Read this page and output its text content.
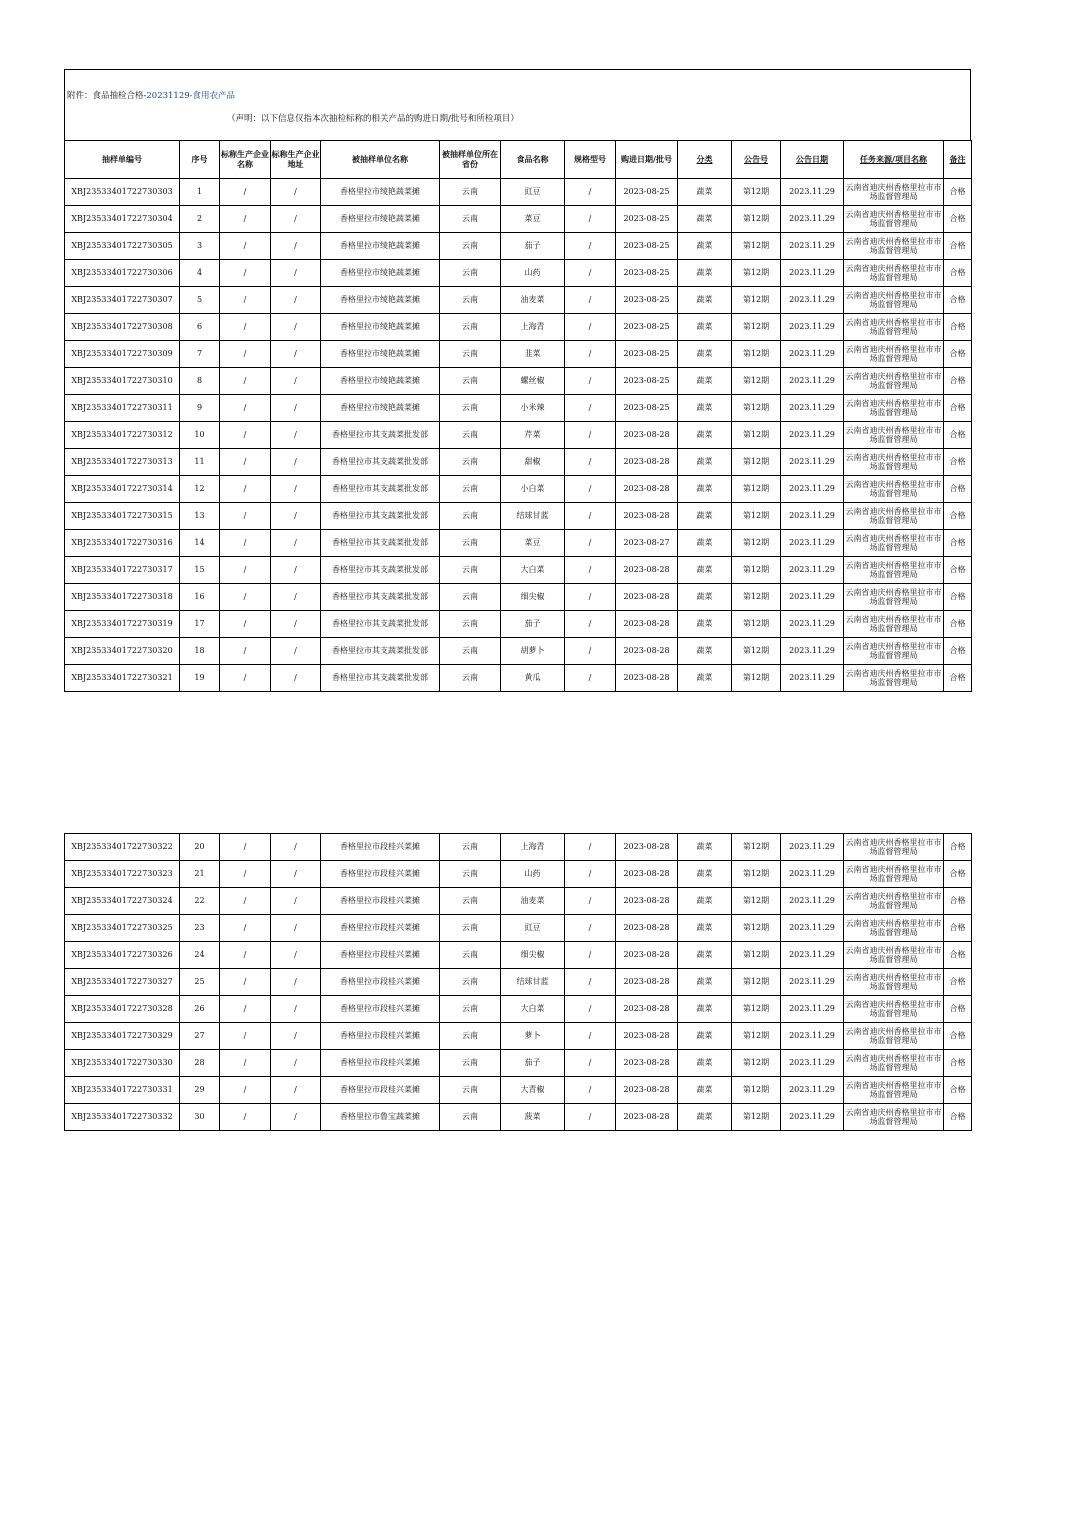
附件：食品抽检合格-20231129-食用农产品
（声明：以下信息仅指本次抽检标称的相关产品的购进日期/批号和所检项目）
抽样单编号	序号	标称生产企业名称	标称生产企业地址	被抽样单位名称	被抽样单位所在省份	食品名称	规格型号	购进日期/批号	分类	公告号	公告日期	任务来源/项目名称	备注
XBJ23533401722730303	1	/	/	香格里拉市绫艳蔬菜摊	云南	豇豆	/	2023-08-25	蔬菜	第12期	2023.11.29	云南省迪庆州香格里拉市市场监督管理局	合格
XBJ23533401722730304	2	/	/	香格里拉市绫艳蔬菜摊	云南	菜豆	/	2023-08-25	蔬菜	第12期	2023.11.29	云南省迪庆州香格里拉市市场监督管理局	合格
XBJ23533401722730305	3	/	/	香格里拉市绫艳蔬菜摊	云南	茄子	/	2023-08-25	蔬菜	第12期	2023.11.29	云南省迪庆州香格里拉市市场监督管理局	合格
XBJ23533401722730306	4	/	/	香格里拉市绫艳蔬菜摊	云南	山药	/	2023-08-25	蔬菜	第12期	2023.11.29	云南省迪庆州香格里拉市市场监督管理局	合格
XBJ23533401722730307	5	/	/	香格里拉市绫艳蔬菜摊	云南	油麦菜	/	2023-08-25	蔬菜	第12期	2023.11.29	云南省迪庆州香格里拉市市场监督管理局	合格
XBJ23533401722730308	6	/	/	香格里拉市绫艳蔬菜摊	云南	上海青	/	2023-08-25	蔬菜	第12期	2023.11.29	云南省迪庆州香格里拉市市场监督管理局	合格
XBJ23533401722730309	7	/	/	香格里拉市绫艳蔬菜摊	云南	韭菜	/	2023-08-25	蔬菜	第12期	2023.11.29	云南省迪庆州香格里拉市市场监督管理局	合格
XBJ23533401722730310	8	/	/	香格里拉市绫艳蔬菜摊	云南	螺丝椒	/	2023-08-25	蔬菜	第12期	2023.11.29	云南省迪庆州香格里拉市市场监督管理局	合格
XBJ23533401722730311	9	/	/	香格里拉市绫艳蔬菜摊	云南	小米辣	/	2023-08-25	蔬菜	第12期	2023.11.29	云南省迪庆州香格里拉市市场监督管理局	合格
XBJ23533401722730312	10	/	/	香格里拉市其支蔬菜批发部	云南	芹菜	/	2023-08-28	蔬菜	第12期	2023.11.29	云南省迪庆州香格里拉市市场监督管理局	合格
XBJ23533401722730313	11	/	/	香格里拉市其支蔬菜批发部	云南	甜椒	/	2023-08-28	蔬菜	第12期	2023.11.29	云南省迪庆州香格里拉市市场监督管理局	合格
XBJ23533401722730314	12	/	/	香格里拉市其支蔬菜批发部	云南	小白菜	/	2023-08-28	蔬菜	第12期	2023.11.29	云南省迪庆州香格里拉市市场监督管理局	合格
XBJ23533401722730315	13	/	/	香格里拉市其支蔬菜批发部	云南	结球甘蓝	/	2023-08-28	蔬菜	第12期	2023.11.29	云南省迪庆州香格里拉市市场监督管理局	合格
XBJ23533401722730316	14	/	/	香格里拉市其支蔬菜批发部	云南	菜豆	/	2023-08-27	蔬菜	第12期	2023.11.29	云南省迪庆州香格里拉市市场监督管理局	合格
XBJ23533401722730317	15	/	/	香格里拉市其支蔬菜批发部	云南	大白菜	/	2023-08-28	蔬菜	第12期	2023.11.29	云南省迪庆州香格里拉市市场监督管理局	合格
XBJ23533401722730318	16	/	/	香格里拉市其支蔬菜批发部	云南	细尖椒	/	2023-08-28	蔬菜	第12期	2023.11.29	云南省迪庆州香格里拉市市场监督管理局	合格
XBJ23533401722730319	17	/	/	香格里拉市其支蔬菜批发部	云南	茄子	/	2023-08-28	蔬菜	第12期	2023.11.29	云南省迪庆州香格里拉市市场监督管理局	合格
XBJ23533401722730320	18	/	/	香格里拉市其支蔬菜批发部	云南	胡萝卜	/	2023-08-28	蔬菜	第12期	2023.11.29	云南省迪庆州香格里拉市市场监督管理局	合格
XBJ23533401722730321	19	/	/	香格里拉市其支蔬菜批发部	云南	黄瓜	/	2023-08-28	蔬菜	第12期	2023.11.29	云南省迪庆州香格里拉市市场监督管理局	合格
XBJ23533401722730322	20	/	/	香格里拉市段桂兴菜摊	云南	上海青	/	2023-08-28	蔬菜	第12期	2023.11.29	云南省迪庆州香格里拉市市场监督管理局	合格
XBJ23533401722730323	21	/	/	香格里拉市段桂兴菜摊	云南	山药	/	2023-08-28	蔬菜	第12期	2023.11.29	云南省迪庆州香格里拉市市场监督管理局	合格
XBJ23533401722730324	22	/	/	香格里拉市段桂兴菜摊	云南	油麦菜	/	2023-08-28	蔬菜	第12期	2023.11.29	云南省迪庆州香格里拉市市场监督管理局	合格
XBJ23533401722730325	23	/	/	香格里拉市段桂兴菜摊	云南	豇豆	/	2023-08-28	蔬菜	第12期	2023.11.29	云南省迪庆州香格里拉市市场监督管理局	合格
XBJ23533401722730326	24	/	/	香格里拉市段桂兴菜摊	云南	细尖椒	/	2023-08-28	蔬菜	第12期	2023.11.29	云南省迪庆州香格里拉市市场监督管理局	合格
XBJ23533401722730327	25	/	/	香格里拉市段桂兴菜摊	云南	结球甘蓝	/	2023-08-28	蔬菜	第12期	2023.11.29	云南省迪庆州香格里拉市市场监督管理局	合格
XBJ23533401722730328	26	/	/	香格里拉市段桂兴菜摊	云南	大白菜	/	2023-08-28	蔬菜	第12期	2023.11.29	云南省迪庆州香格里拉市市场监督管理局	合格
XBJ23533401722730329	27	/	/	香格里拉市段桂兴菜摊	云南	萝卜	/	2023-08-28	蔬菜	第12期	2023.11.29	云南省迪庆州香格里拉市市场监督管理局	合格
XBJ23533401722730330	28	/	/	香格里拉市段桂兴菜摊	云南	茄子	/	2023-08-28	蔬菜	第12期	2023.11.29	云南省迪庆州香格里拉市市场监督管理局	合格
XBJ23533401722730331	29	/	/	香格里拉市段桂兴菜摊	云南	大青椒	/	2023-08-28	蔬菜	第12期	2023.11.29	云南省迪庆州香格里拉市市场监督管理局	合格
XBJ23533401722730332	30	/	/	香格里拉市鲁宝蔬菜摊	云南	菠菜	/	2023-08-28	蔬菜	第12期	2023.11.29	云南省迪庆州香格里拉市市场监督管理局	合格
